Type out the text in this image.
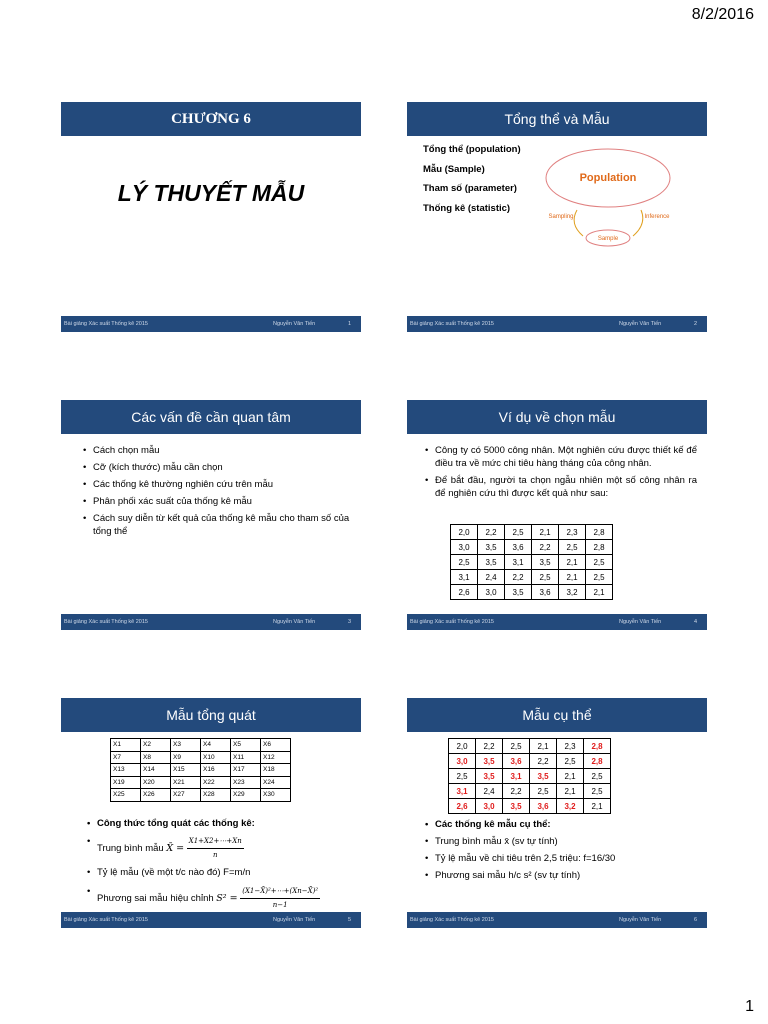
8/2/2016
CHƯƠNG 6
LÝ THUYẾT MẪU
Bài giảng Xác suất Thống kê 2015	Nguyễn Văn Tiến	1
Tổng thể và Mẫu
Tổng thể (population)
Mẫu (Sample)
Tham số (parameter)
Thống kê (statistic)
Population
Sample
Sampling	Inference
Bài giảng Xác suất Thống kê 2015	Nguyễn Văn Tiến	2
Các vấn đề cần quan tâm
• Cách chọn mẫu
• Cỡ (kích thước) mẫu cần chọn
• Các thống kê thường nghiên cứu trên mẫu
• Phân phối xác suất của thống kê mẫu
• Cách suy diễn từ kết quả của thống kê mẫu cho tham số của tổng thể
Bài giảng Xác suất Thống kê 2015	Nguyễn Văn Tiến	3
Ví dụ về chọn mẫu
• Công ty có 5000 công nhân. Một nghiên cứu được thiết kế để điều tra về mức chi tiêu hàng tháng của công nhân.
• Để bắt đầu, người ta chọn ngẫu nhiên một số công nhân ra để nghiên cứu thì được kết quả như sau:
2,0	2,2	2,5	2,1	2,3	2,8
3,0	3,5	3,6	2,2	2,5	2,8
2,5	3,5	3,1	3,5	2,1	2,5
3,1	2,4	2,2	2,5	2,1	2,5
2,6	3,0	3,5	3,6	3,2	2,1
Bài giảng Xác suất Thống kê 2015	Nguyễn Văn Tiến	4
Mẫu tổng quát
X1	X2	X3	X4	X5	X6
X7	X8	X9	X10	X11	X12
X13	X14	X15	X16	X17	X18
X19	X20	X21	X22	X23	X24
X25	X26	X27	X28	X29	X30
• Công thức tổng quát các thống kê:
• Trung bình mẫu X̄ = $\frac{X1+X2+\cdots+Xn}{n}$
• Tỷ lệ mẫu (về một t/c nào đó) F=m/n
• Phương sai mẫu hiệu chỉnh $S^2 = \frac{\text{(X1−X̄)²+⋯+(Xn−X̄)²}}{n-1}$
Bài giảng Xác suất Thống kê 2015	Nguyễn Văn Tiến	5
Mẫu cụ thể
2,0	2,2	2,5	2,1	2,3	2,8
3,0	3,5	3,6	2,2	2,5	2,8
2,5	3,5	3,1	3,5	2,1	2,5
3,1	2,4	2,2	2,5	2,1	2,5
2,6	3,0	3,5	3,6	3,2	2,1
• Các thống kê mẫu cụ thể:
• Trung bình mẫu x̄ (sv tự tính)
• Tỷ lệ mẫu về chi tiêu trên 2,5 triệu: f=16/30
• Phương sai mẫu h/c s² (sv tự tính)
Bài giảng Xác suất Thống kê 2015	Nguyễn Văn Tiến	6
1
